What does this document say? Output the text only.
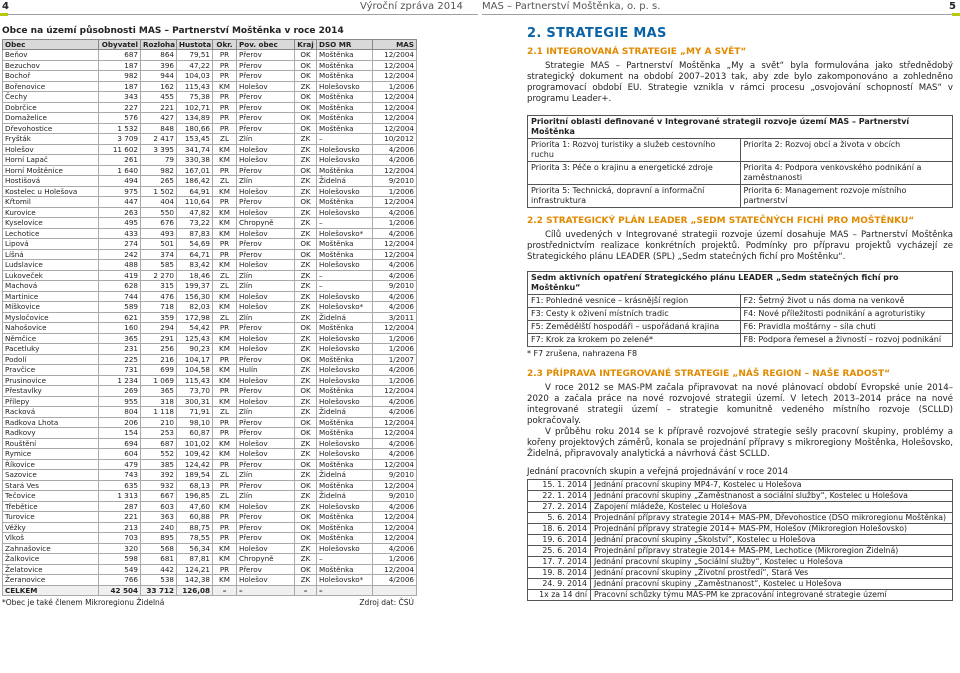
4	Výroční zpráva 2014 MAS – Partnerství Moštěnka, o. p. s.	5
Obce na území působnosti MAS – Partnerství Moštěnka v roce 2014
Obec	Obyvatel	Rozloha	Hustota	Okr.	Pov. obec	Kraj	DSO MR	MAS
Beňov	687	864	79,51	PR	Přerov	OK	Moštěnka	12/2004
Bezuchov	187	396	47,22	PR	Přerov	OK	Moštěnka	12/2004
Bochoř	982	944	104,03	PR	Přerov	OK	Moštěnka	12/2004
Bořenovice	187	162	115,43	KM	Holešov	ZK	Holešovsko	1/2006
Čechy	343	455	75,38	PR	Přerov	OK	Moštěnka	12/2004
Dobrčice	227	221	102,71	PR	Přerov	OK	Moštěnka	12/2004
Domaželice	576	427	134,89	PR	Přerov	OK	Moštěnka	12/2004
Dřevohostice	1 532	848	180,66	PR	Přerov	OK	Moštěnka	12/2004
Fryšták	3 709	2 417	153,45	ZL	Zlín	ZK	–	10/2012
Holešov	11 602	3 395	341,74	KM	Holešov	ZK	Holešovsko	4/2006
Horní Lapač	261	79	330,38	KM	Holešov	ZK	Holešovsko	4/2006
Horní Moštěnice	1 640	982	167,01	PR	Přerov	OK	Moštěnka	12/2004
Hostišová	494	265	186,42	ZL	Zlín	ZK	Židelná	9/2010
Kostelec u Holešova	975	1 502	64,91	KM	Holešov	ZK	Holešovsko	1/2006
Křtomil	447	404	110,64	PR	Přerov	OK	Moštěnka	12/2004
Kurovice	263	550	47,82	KM	Holešov	ZK	Holešovsko	4/2006
Kyselovice	495	676	73,22	KM	Chropyně	ZK	–	1/2006
Lechotice	433	493	87,83	KM	Holešov	ZK	Holešovsko*	4/2006
Lipová	274	501	54,69	PR	Přerov	OK	Moštěnka	12/2004
Líšná	242	374	64,71	PR	Přerov	OK	Moštěnka	12/2004
Ludslavice	488	585	83,42	KM	Holešov	ZK	Holešovsko	4/2006
Lukoveček	419	2 270	18,46	ZL	Zlín	ZK	–	4/2006
Machová	628	315	199,37	ZL	Zlín	ZK	–	9/2010
Martinice	744	476	156,30	KM	Holešov	ZK	Holešovsko	4/2006
Míškovice	589	718	82,03	KM	Holešov	ZK	Holešovsko*	4/2006
Mysločovice	621	359	172,98	ZL	Zlín	ZK	Židelná	3/2011
Nahošovice	160	294	54,42	PR	Přerov	OK	Moštěnka	12/2004
Němčice	365	291	125,43	KM	Holešov	ZK	Holešovsko	1/2006
Pacetluky	231	256	90,23	KM	Holešov	ZK	Holešovsko	1/2006
Podolí	225	216	104,17	PR	Přerov	OK	Moštěnka	1/2007
Pravčice	731	699	104,58	KM	Hulín	ZK	Holešovsko	4/2006
Prusinovice	1 234	1 069	115,43	KM	Holešov	ZK	Holešovsko	1/2006
Přestavlky	269	365	73,70	PR	Přerov	OK	Moštěnka	12/2004
Přílepy	955	318	300,31	KM	Holešov	ZK	Holešovsko	4/2006
Racková	804	1 118	71,91	ZL	Zlín	ZK	Židelná	4/2006
Radkova Lhota	206	210	98,10	PR	Přerov	OK	Moštěnka	12/2004
Radkovy	154	253	60,87	PR	Přerov	OK	Moštěnka	12/2004
Rouštění	694	687	101,02	KM	Holešov	ZK	Holešovsko	4/2006
Rymice	604	552	109,42	KM	Holešov	ZK	Holešovsko	4/2006
Říkovice	479	385	124,42	PR	Přerov	OK	Moštěnka	12/2004
Sazovice	743	392	189,54	ZL	Zlín	ZK	Židelná	9/2010
Stará Ves	635	932	68,13	PR	Přerov	OK	Moštěnka	12/2004
Tečovice	1 313	667	196,85	ZL	Zlín	ZK	Židelná	9/2010
Třebětice	287	603	47,60	KM	Holešov	ZK	Holešovsko	4/2006
Turovice	221	363	60,88	PR	Přerov	OK	Moštěnka	12/2004
Věžky	213	240	88,75	PR	Přerov	OK	Moštěnka	12/2004
Vlkoš	703	895	78,55	PR	Přerov	OK	Moštěnka	12/2004
Zahnašovice	320	568	56,34	KM	Holešov	ZK	Holešovsko	4/2006
Žalkovice	598	681	87,81	KM	Chropyně	ZK	–	1/2006
Želatovice	549	442	124,21	PR	Přerov	OK	Moštěnka	12/2004
Žeranovice	766	538	142,38	KM	Holešov	ZK	Holešovsko*	4/2006
CELKEM	42 504	33 712	126,08	–	–	–	–	
*Obec je také členem Mikroregionu Židelná	Zdroj dat: ČSÚ
2. STRATEGIE MAS
2.1 INTEGROVANÁ STRATEGIE „MY A SVĚT“

Strategie MAS – Partnerství Moštěnka „My a svět“ byla formulována jako střednědobý strategický dokument na období 2007–2013 tak, aby zde bylo zakomponováno a zohledněno programovací období EU. Strategie vznikla v rámci procesu „osvojování schopností MAS“ v programu Leader+.

Prioritní oblasti definované v Integrované strategii rozvoje území MAS – Partnerství Moštěnka	
Priorita 1: Rozvoj turistiky a služeb cestovního ruchu	Priorita 2: Rozvoj obcí a života v obcích
Priorita 3: Péče o krajinu a energetické zdroje	Priorita 4: Podpora venkovského podnikání a zaměstnanosti
Priorita 5: Technická, dopravní a informační infrastruktura	Priorita 6: Management rozvoje místního partnerství
2.2 STRATEGICKÝ PLÁN LEADER „SEDM STATEČNÝCH FICHÍ PRO MOŠTĚNKU“

Cílů uvedených v Integrované strategii rozvoje území dosahuje MAS – Partnerství Moštěnka prostřednictvím realizace konkrétních projektů. Podmínky pro přípravu projektů vycházejí ze Strategického plánu LEADER (SPL) „Sedm statečných fichí pro Moštěnku“.

Sedm aktivních opatření Strategického plánu LEADER „Sedm statečných fichí pro Moštěnku“	
F1: Pohledné vesnice – krásnější region	F2: Šetrný život u nás doma na venkově
F3: Cesty k oživení místních tradic	F4: Nové příležitosti podnikání a agroturistiky
F5: Zemědělští hospodáři – uspořádaná krajina	F6: Pravidla moštárny – síla chuti
F7: Krok za krokem po zelené*	F8: Podpora řemesel a živností – rozvoj podnikání
* F7 zrušena, nahrazena F8
2.3 PŘÍPRAVA INTEGROVANÉ STRATEGIE „NÁŠ REGION – NAŠE RADOST“

V roce 2012 se MAS-PM začala připravovat na nové plánovací období Evropské unie 2014–2020 a začala práce na nové rozvojové strategii území. V letech 2013–2014 práce na nové integrované strategii území – strategie komunitně vedeného místního rozvoje (SCLLD) pokračovaly.

V průběhu roku 2014 se k přípravě rozvojové strategie sešly pracovní skupiny, problémy a kořeny projektových záměrů, konala se projednání přípravy s mikroregiony Moštěnka, Holešovsko, Židelná, připravovaly analytická a návrhová část SCLLD.

Jednání pracovních skupin a veřejná projednávání v roce 2014
15. 1. 2014	Jednání pracovní skupiny MP4-7, Kostelec u Holešova
22. 1. 2014	Jednání pracovní skupiny „Zaměstnanost a sociální služby“, Kostelec u Holešova
27. 2. 2014	Zapojení mládeže, Kostelec u Holešova
5. 6. 2014	Projednání přípravy strategie 2014+ MAS-PM, Dřevohostice (DSO mikroregionu Moštěnka)
18. 6. 2014	Projednání přípravy strategie 2014+ MAS-PM, Holešov (Mikroregion Holešovsko)
19. 6. 2014	Jednání pracovní skupiny „Školství“, Kostelec u Holešova
25. 6. 2014	Projednání přípravy strategie 2014+ MAS-PM, Lechotice (Mikroregion Židelná)
17. 7. 2014	Jednání pracovní skupiny „Sociální služby“, Kostelec u Holešova
19. 8. 2014	Jednání pracovní skupiny „Životní prostředí“, Stará Ves
24. 9. 2014	Jednání pracovní skupiny „Zaměstnanost“, Kostelec u Holešova
1x za 14 dní	Pracovní schůzky týmu MAS-PM ke zpracování integrované strategie území
